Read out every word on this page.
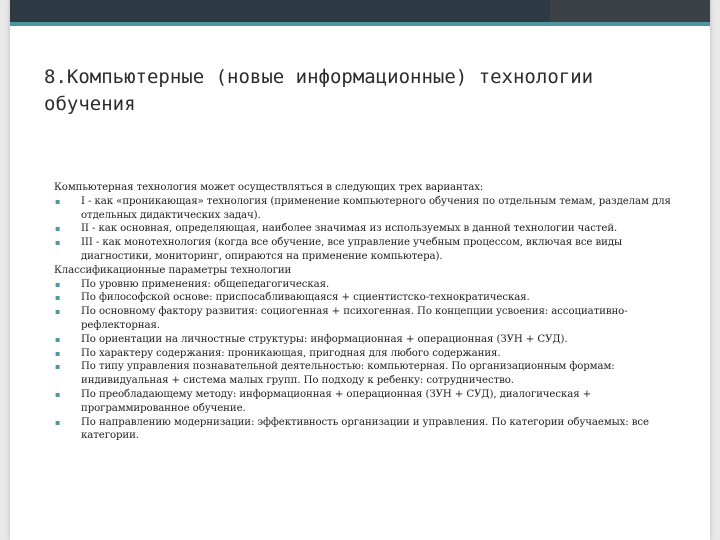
8.Компьютерные (новые информационные) технологии обучения

Компьютерная технология может осуществляться в следующих трех вариантах:

▪ I - как «проникающая» технология (применение компьютерного обучения по отдельным темам, разделам для отдельных дидактических задач).
▪ II - как основная, определяющая, наиболее значимая из используемых в данной технологии частей.
▪ III - как монотехнология (когда все обучение, все управление учебным процессом, включая все виды диагностики, мониторинг, опираются на применение компьютера).

Классификационные параметры технологии

▪ По уровню применения: общепедагогическая.
▪ По философской основе: приспосабливающаяся + сциентистско-технократическая.
▪ По основному фактору развития: социогенная + психогенная. По концепции усвоения: ассоциативно-рефлекторная.
▪ По ориентации на личностные структуры: информационная + операционная (ЗУН + СУД).
▪ По характеру содержания: проникающая, пригодная для любого содержания.
▪ По типу управления познавательной деятельностью: компьютерная. По организационным формам: индивидуальная + система малых групп. По подходу к ребенку: сотрудничество.
▪ По преобладающему методу: информационная + операционная (ЗУН + СУД), диалогическая + программированное обучение.
▪ По направлению модернизации: эффективность организации и управления. По категории обучаемых: все категории.
